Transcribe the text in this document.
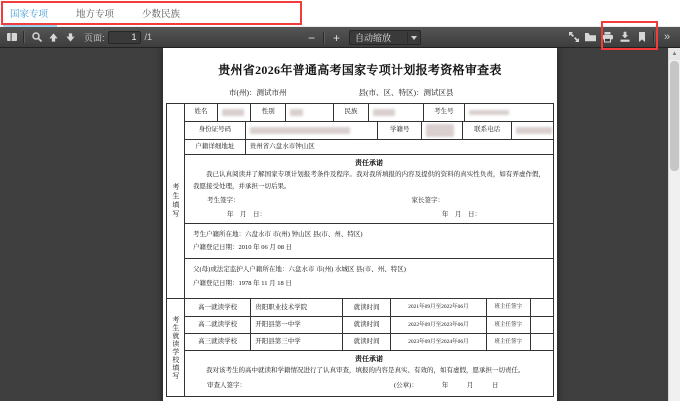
国家专项	地方专项	少数民族
页面:
1	/1	−	+	自动缩放	»
贵州省2026年普通高考国家专项计划报考资格审查表
市(州)：测试市州	县(市、区、特区)：测试区县
考生填写
姓名	性别	民族	考生号
身份证号码	学籍号	联系电话
户籍详细地址	贵州省六盘水市钟山区
责任承诺
我已认真阅读并了解国家专项计划报考条件及程序。我对我所填报的内容及提供的资料的真实性负责，如有弄虚作假，我愿接受处理，并承担一切后果。
考生签字：	家长签字：
年　月　日：	年　月　日：
考生户籍所在地：六盘水市 市(州) 钟山区 县(市、州、特区)
户籍登记日期：2010 年 06 月 08 日
父(母)或法定监护人户籍所在地：六盘水市 市(州) 水城区 县(市、州、特区)
户籍登记日期：1978 年 11 月 18 日
考生就读学校填写
高一就读学校	贵阳职业技术学院	就读时间	2021年09月至2022年06月	班主任签字
高二就读学校	开阳县第一中学	就读时间	2022年09月至2023年06月	班主任签字
高三就读学校	开阳县第三中学	就读时间	2023年09月至2024年06月	班主任签字
责任承诺
我对该考生的高中就读和学籍情况进行了认真审查，填报的内容是真实、有效的，如有虚假，愿承担一切责任。
审查人签字：	(公章)：	年　月　日
▲
